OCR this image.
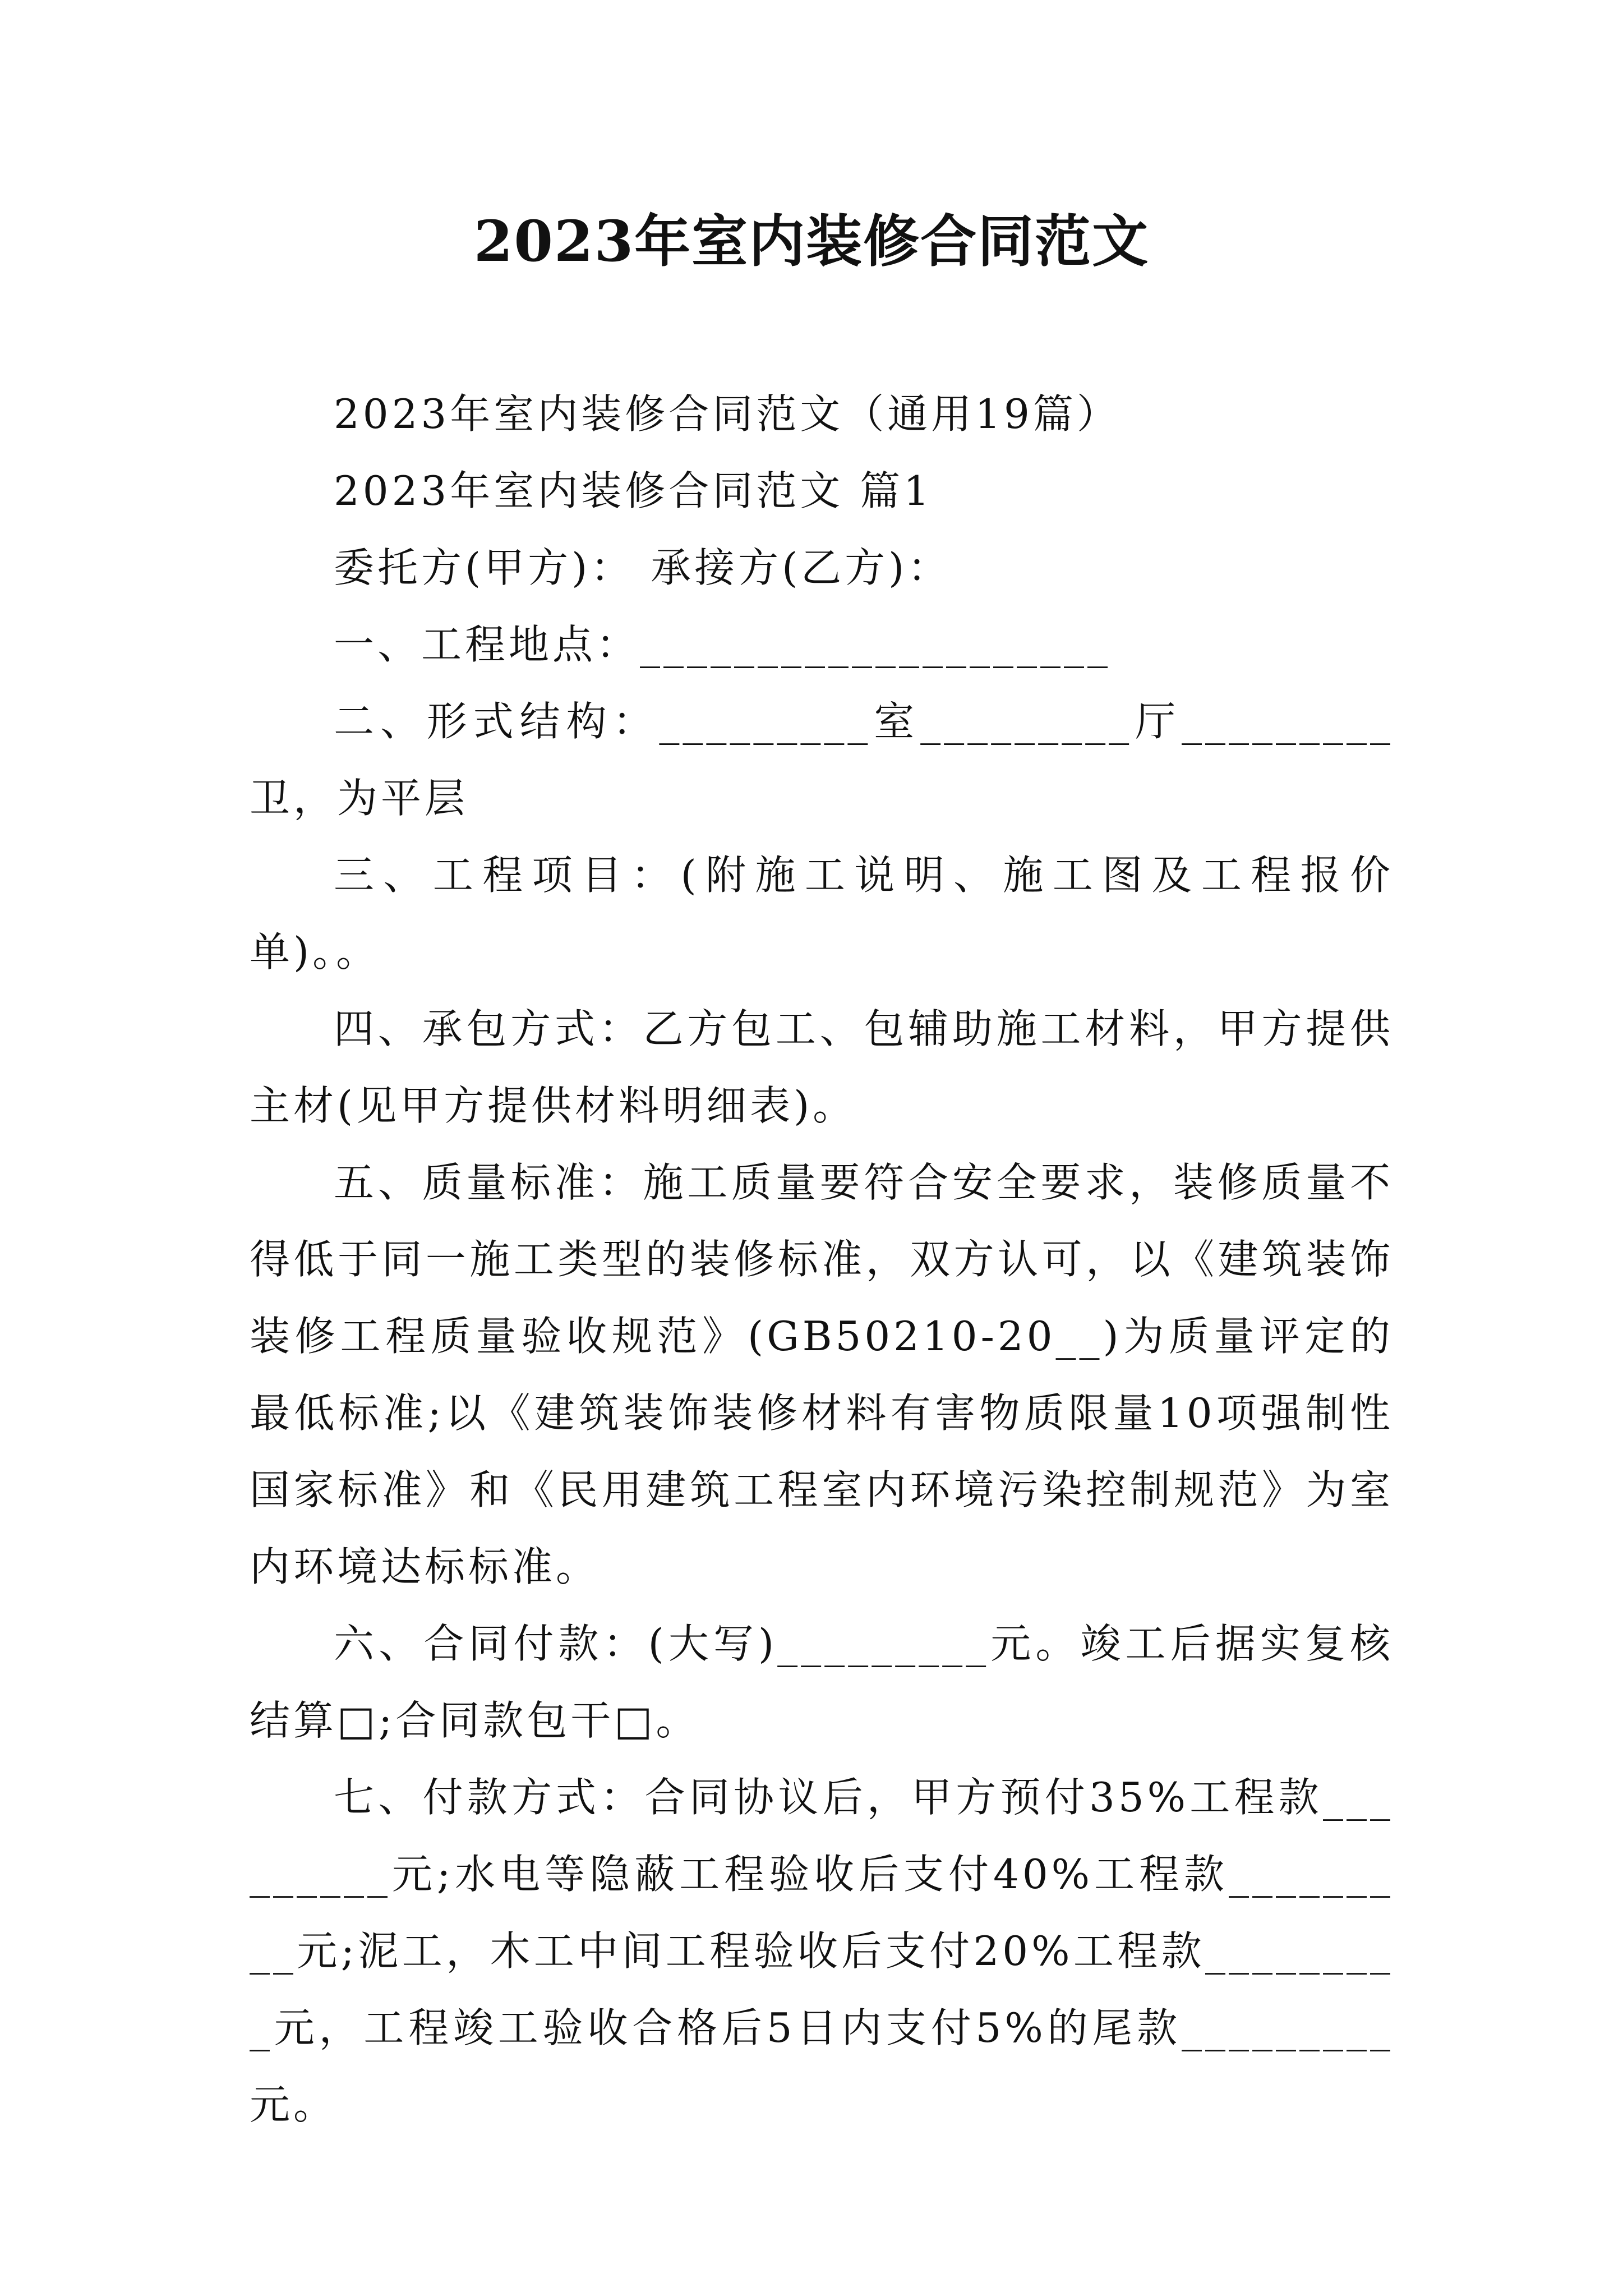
2023年室内装修合同范文

2023年室内装修合同范文（通用19篇）

2023年室内装修合同范文 篇1

委托方(甲方)： 承接方(乙方)：

一、工程地点：____________________

二、形式结构：_________室_________厅_________卫，为平层

三、工程项目：(附施工说明、施工图及工程报价单)。。

四、承包方式：乙方包工、包辅助施工材料，甲方提供主材(见甲方提供材料明细表)。

五、质量标准：施工质量要符合安全要求，装修质量不得低于同一施工类型的装修标准，双方认可，以《建筑装饰装修工程质量验收规范》(GB50210-20__)为质量评定的最低标准;以《建筑装饰装修材料有害物质限量10项强制性国家标准》和《民用建筑工程室内环境污染控制规范》为室内环境达标标准。

六、合同付款：(大写)_________元。竣工后据实复核结算□;合同款包干□。

七、付款方式：合同协议后，甲方预付35%工程款_________元;水电等隐蔽工程验收后支付40%工程款_________元;泥工，木工中间工程验收后支付20%工程款_________元，工程竣工验收合格后5日内支付5%的尾款_________元。
